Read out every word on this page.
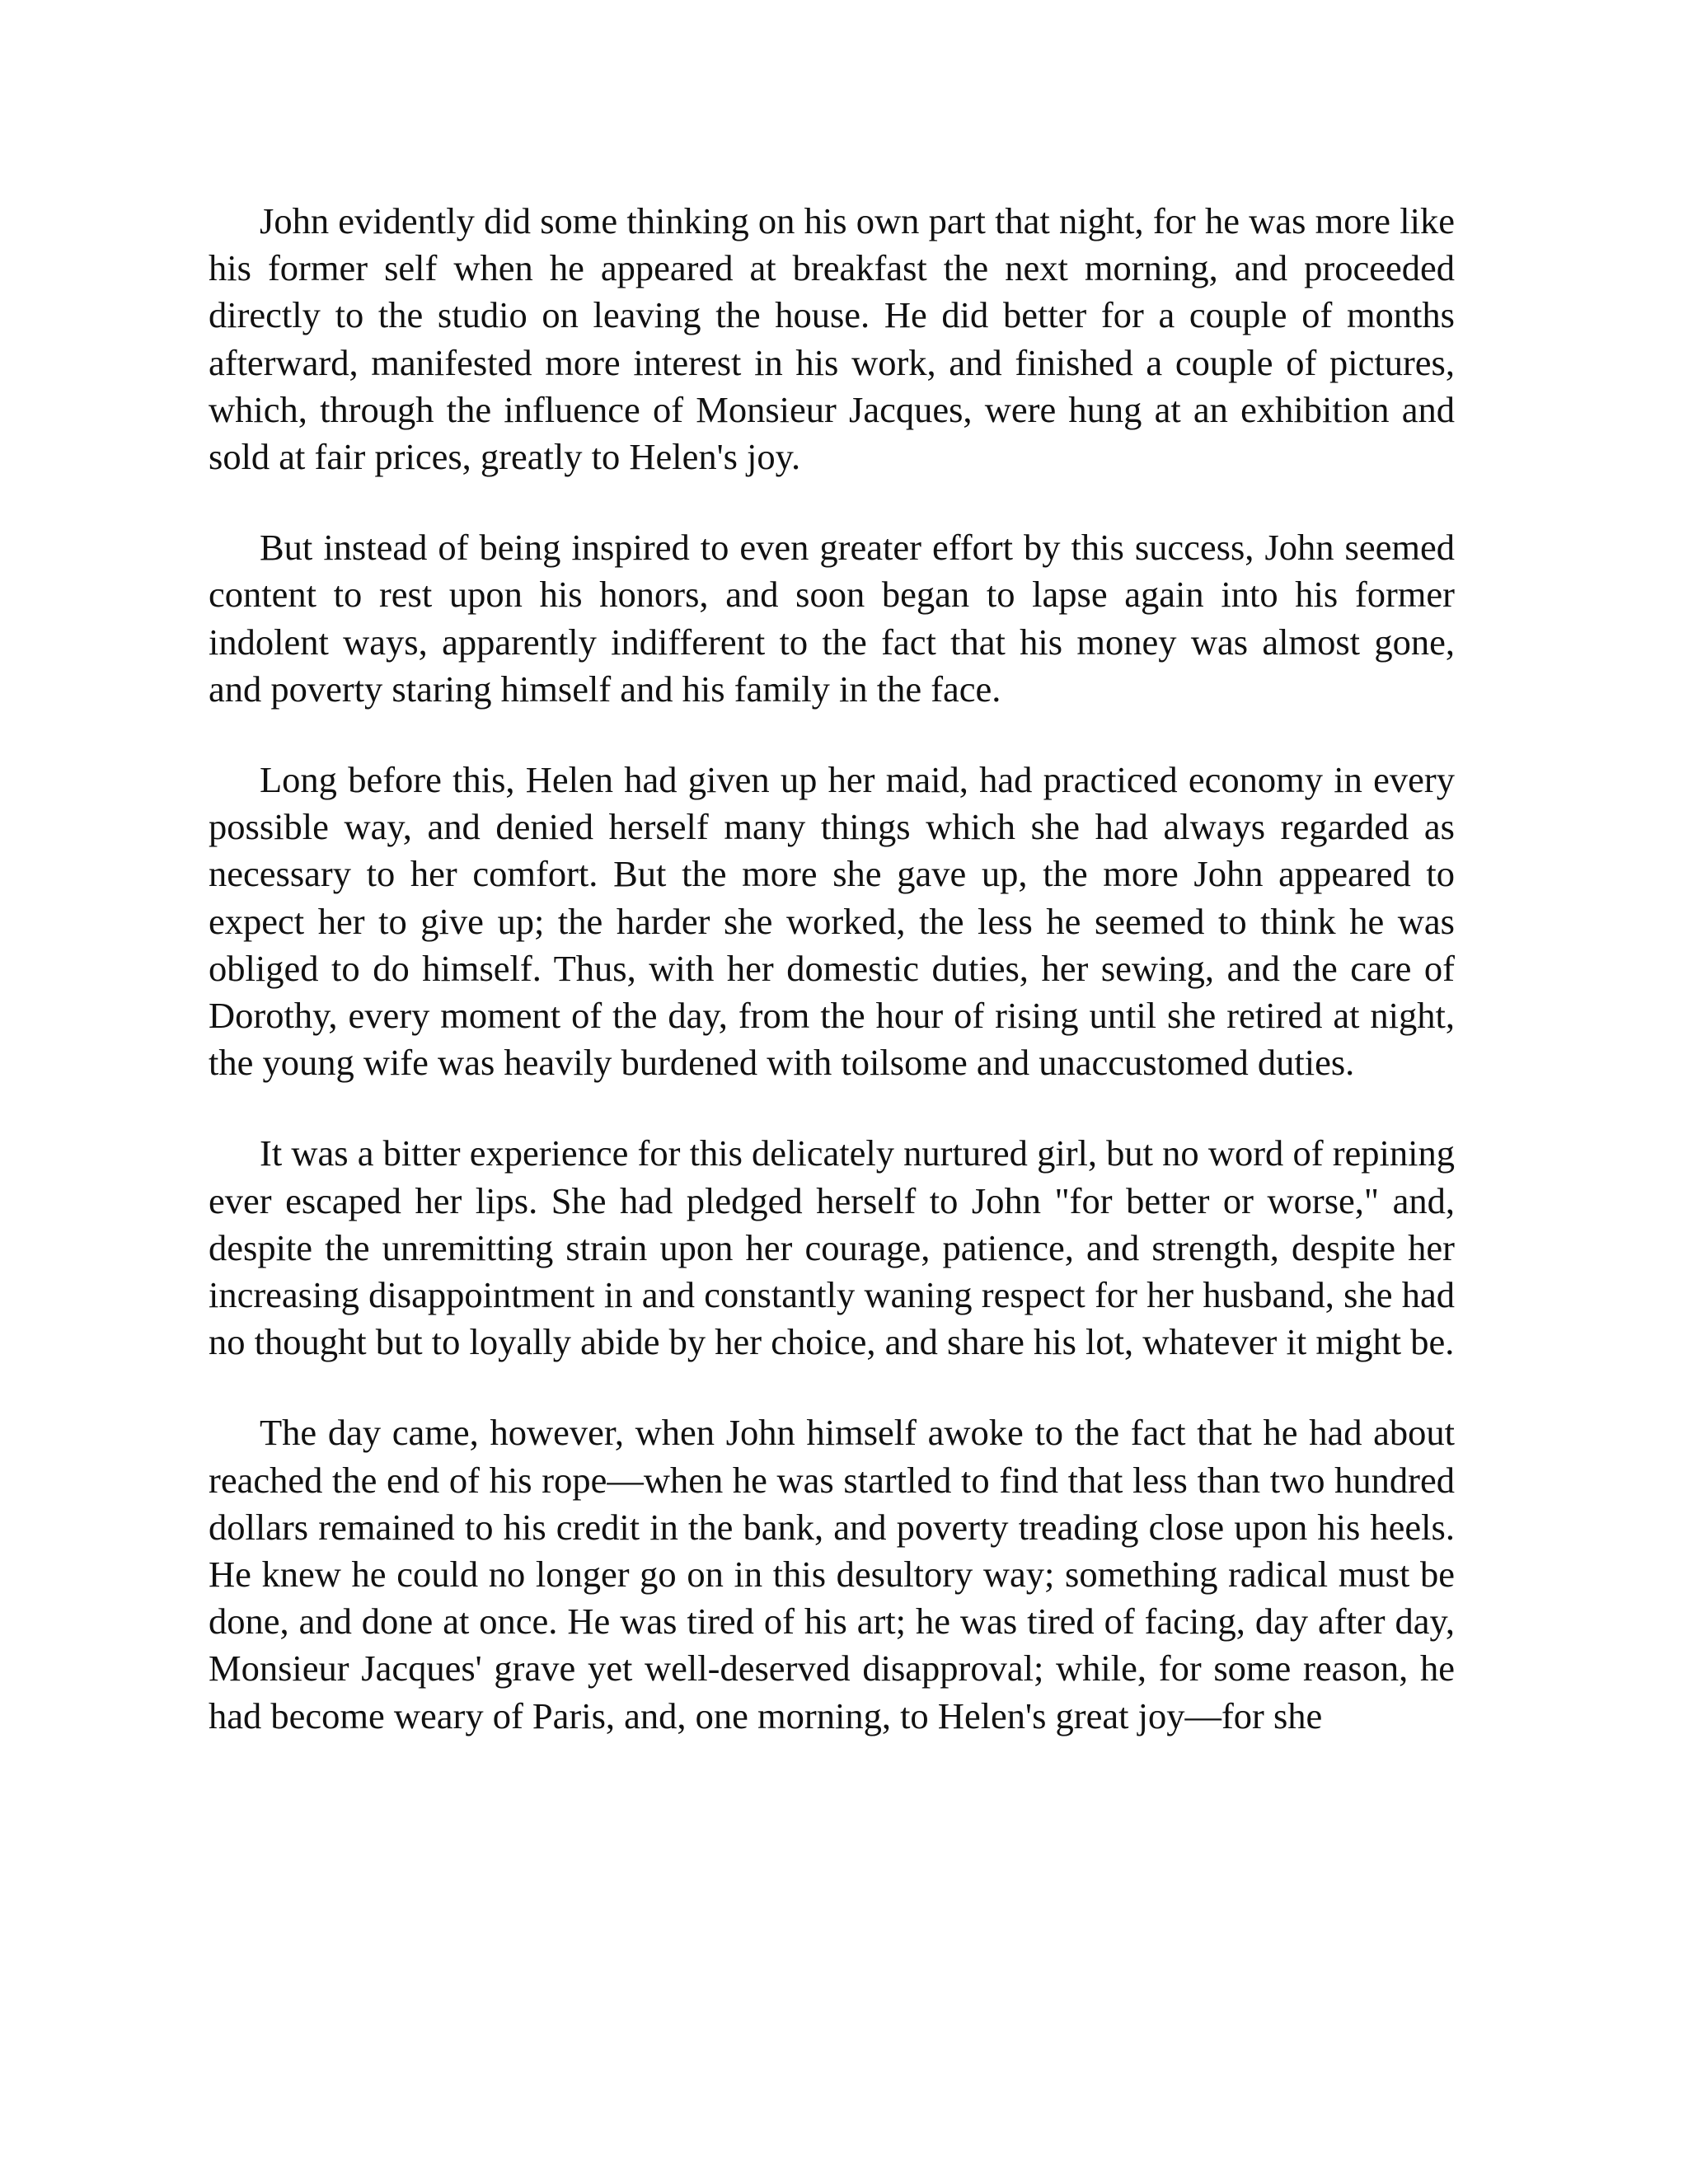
John evidently did some thinking on his own part that night, for he was more like his former self when he appeared at breakfast the next morning, and proceeded directly to the studio on leaving the house. He did better for a couple of months afterward, manifested more interest in his work, and finished a couple of pictures, which, through the influence of Monsieur Jacques, were hung at an exhibition and sold at fair prices, greatly to Helen's joy.

But instead of being inspired to even greater effort by this success, John seemed content to rest upon his honors, and soon began to lapse again into his former indolent ways, apparently indifferent to the fact that his money was almost gone, and poverty staring himself and his family in the face.

Long before this, Helen had given up her maid, had practiced economy in every possible way, and denied herself many things which she had always regarded as necessary to her comfort. But the more she gave up, the more John appeared to expect her to give up; the harder she worked, the less he seemed to think he was obliged to do himself. Thus, with her domestic duties, her sewing, and the care of Dorothy, every moment of the day, from the hour of rising until she retired at night, the young wife was heavily burdened with toilsome and unaccustomed duties.

It was a bitter experience for this delicately nurtured girl, but no word of repining ever escaped her lips. She had pledged herself to John "for better or worse," and, despite the unremitting strain upon her courage, patience, and strength, despite her increasing disappointment in and constantly waning respect for her husband, she had no thought but to loyally abide by her choice, and share his lot, whatever it might be.

The day came, however, when John himself awoke to the fact that he had about reached the end of his rope—when he was startled to find that less than two hundred dollars remained to his credit in the bank, and poverty treading close upon his heels. He knew he could no longer go on in this desultory way; something radical must be done, and done at once. He was tired of his art; he was tired of facing, day after day, Monsieur Jacques' grave yet well-deserved disapproval; while, for some reason, he had become weary of Paris, and, one morning, to Helen's great joy—for she
